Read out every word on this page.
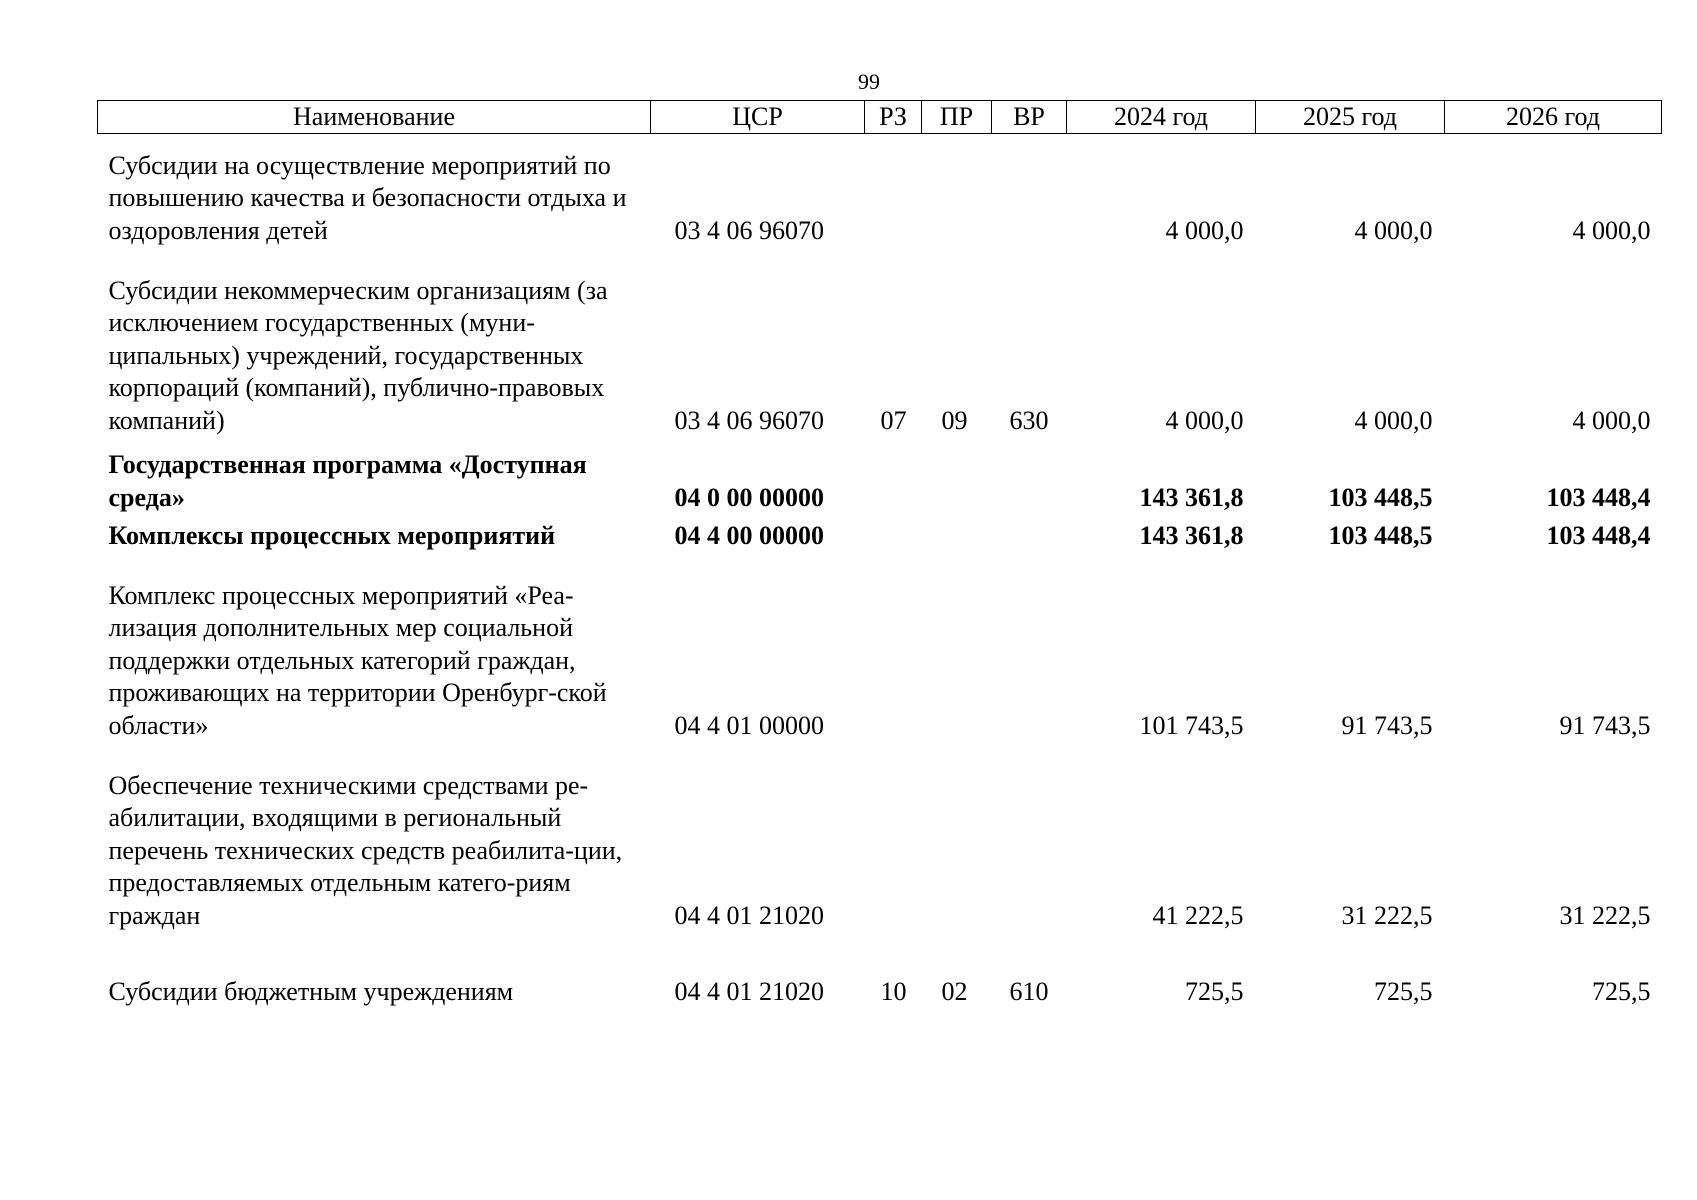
99
Наименование	ЦСР	РЗ	ПР	ВР	2024 год	2025 год	2026 год
Субсидии на осуществление мероприятий по повышению качества и безопасности отдыха и оздоровления детей	03 4 06 96070				4 000,0	4 000,0	4 000,0
Субсидии некоммерческим организациям (за исключением государственных (муни-ципальных) учреждений, государственных корпораций (компаний), публично-правовых компаний)	03 4 06 96070	07	09	630	4 000,0	4 000,0	4 000,0
Государственная программа «Доступная среда»	04 0 00 00000				143 361,8	103 448,5	103 448,4
Комплексы процессных мероприятий	04 4 00 00000				143 361,8	103 448,5	103 448,4
Комплекс процессных мероприятий «Реа-лизация дополнительных мер социальной поддержки отдельных категорий граждан, проживающих на территории Оренбург-ской области»	04 4 01 00000				101 743,5	91 743,5	91 743,5
Обеспечение техническими средствами ре-абилитации, входящими в региональный перечень технических средств реабилита-ции, предоставляемых отдельным катего-риям граждан	04 4 01 21020				41 222,5	31 222,5	31 222,5
Субсидии бюджетным учреждениям	04 4 01 21020	10	02	610	725,5	725,5	725,5
